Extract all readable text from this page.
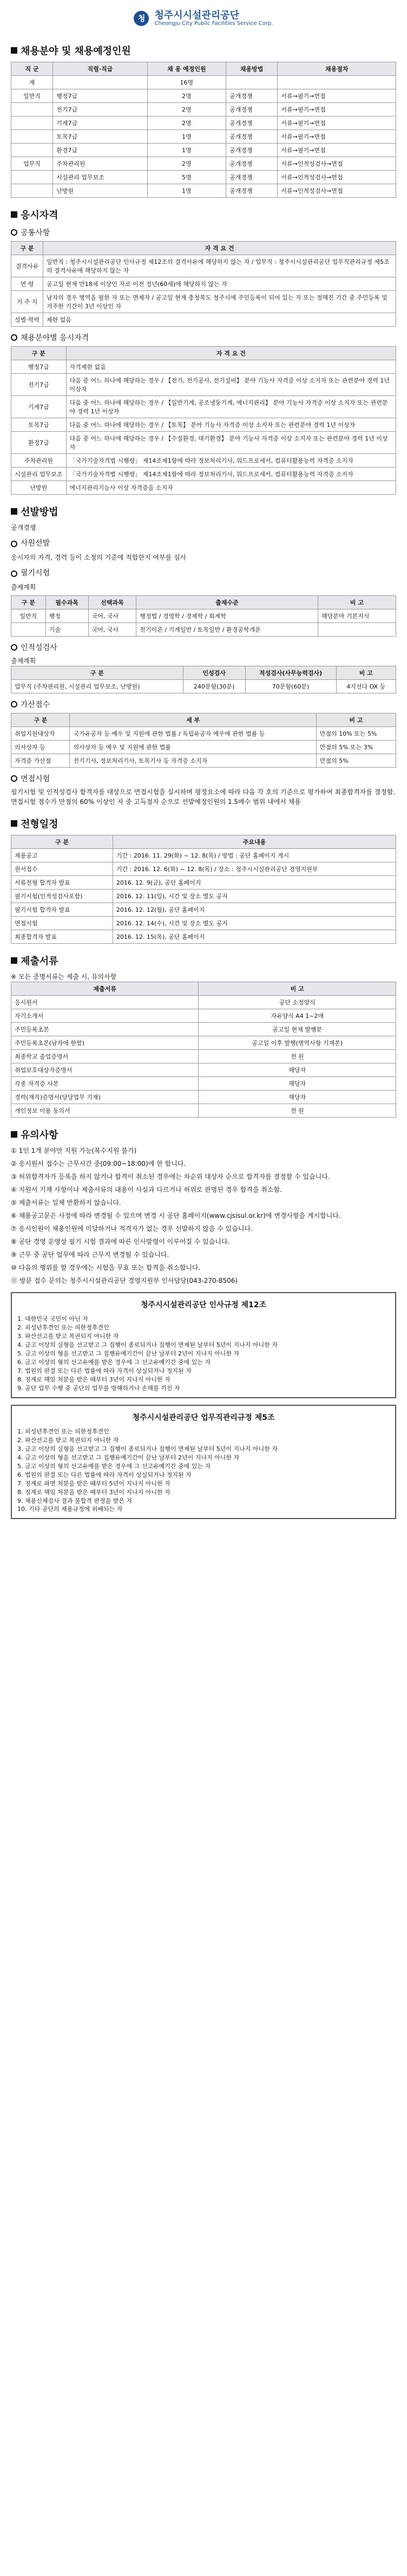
청 청주시시설관리공단
Cheongju City Public Facilities Service Corp.
채용분야 및 채용예정인원
직 군	직렬·직급	채 용 예정인원	채용방법	채용절차
계		16명		
일반직	행정7급	2명	공개경쟁	서류→필기→면접
	전기7급	2명	공개경쟁	서류→필기→면접
	기계7급	2명	공개경쟁	서류→필기→면접
	토목7급	1명	공개경쟁	서류→필기→면접
	환경7급	1명	공개경쟁	서류→필기→면접
업무직	주차관리원	2명	공개경쟁	서류→인적성검사→면접
	시설관리 업무보조	5명	공개경쟁	서류→인적성검사→면접
	난방원	1명	공개경쟁	서류→인적성검사→면접
응시자격
공통사항
구 분	자 격 요 건
결격사유	일반직 : 청주시시설관리공단 인사규정 제12조의 결격사유에 해당하지 않는 자 / 업무직 : 청주시시설관리공단 업무직관리규정 제5조의 결격사유에 해당하지 않는 자
연 령	공고일 현재 만18세 이상인 자로 이전 정년(60세)에 해당하지 않는 자
거 주 지	남자의 경우 병역을 필한 자 또는 면제자 / 공고일 현재 충청북도 청주시에 주민등록이 되어 있는 자 또는 정해진 기간 중 주민등록 및 거주한 기간이 3년 이상인 자
성별·학력	제한 없음
채용분야별 응시자격
구 분	자 격 요 건
행정7급	자격제한 없음
전기7급	다음 중 어느 하나에 해당하는 경우 / 【전기, 전기공사, 전기설비】 분야 기능사 자격증 이상 소지자 또는 관련분야 경력 1년 이상자
기계7급	다음 중 어느 하나에 해당하는 경우 / 【일반기계, 공조냉동기계, 에너지관리】 분야 기능사 자격증 이상 소지자 또는 관련분야 경력 1년 이상자
토목7급	다음 중 어느 하나에 해당하는 경우 / 【토목】 분야 기능사 자격증 이상 소지자 또는 관련분야 경력 1년 이상자
환경7급	다음 중 어느 하나에 해당하는 경우 / 【수질환경, 대기환경】 분야 기능사 자격증 이상 소지자 또는 관련분야 경력 1년 이상자
주차관리원	「국가기술자격법 시행령」 제14조제1항에 따라 정보처리기사, 워드프로세서, 컴퓨터활용능력 자격증 소지자
시설관리 업무보조	「국가기술자격법 시행령」 제14조제1항에 따라 정보처리기사, 워드프로세서, 컴퓨터활용능력 자격증 소지자
난방원	에너지관리기능사 이상 자격증을 소지자
선발방법

공개경쟁

사원선발

응시자의 자격, 경력 등이 소정의 기준에 적합한지 여부를 심사

필기시험

출제계획

구 분	필수과목	선택과목	출제수준	비 고
일반직	행정	국어, 국사	행정법 / 경영학 / 경제학 / 회계학	해당분야 기본지식
	기술	국어, 국사	전기이론 / 기계일반 / 토목일반 / 환경공학개론	
인적성검사
출제계획
구 분	인성검사	적성검사(사무능력검사)	비 고
업무직 (주차관리원, 시설관리 업무보조, 난방원)	240문항(30분)	70문항(60분)	4지선다 OX 등
가산점수
구 분	세 부	비 고
취업지원대상자	국가유공자 등 예우 및 지원에 관한 법률 / 독립유공자 예우에 관한 법률 등	만점의 10% 또는 5%
의사상자 등	의사상자 등 예우 및 지원에 관한 법률	만점의 5% 또는 3%
자격증 가산점	전기기사, 정보처리기사, 토목기사 등 자격증 소지자	만점의 5%
면접시험
필기시험 및 인적성검사 합격자를 대상으로 면접시험을 실시하며 평정요소에 따라 다음 각 호의 기준으로 평가하여 최종합격자를 결정함. 면접시험 점수가 만점의 60% 이상인 자 중 고득점자 순으로 선발예정인원의 1.5배수 범위 내에서 채용
전형일정
구 분	주요내용
채용공고	기간 : 2016. 11. 29(화) ~ 12. 8(목) / 방법 : 공단 홈페이지 게시
원서접수	기간 : 2016. 12. 6(화) ~ 12. 8(목) / 장소 : 청주시시설관리공단 경영지원부
서류전형 합격자 발표	2016. 12. 9(금), 공단 홈페이지
필기시험(인적성검사포함)	2016. 12. 11(일), 시간 및 장소 별도 공지
필기시험 합격자 발표	2016. 12. 12(월), 공단 홈페이지
면접시험	2016. 12. 14(수), 시간 및 장소 별도 공지
최종합격자 발표	2016. 12. 15(목), 공단 홈페이지
제출서류
※ 모든 증명서류는 제출 시, 유의사항
제출서류	비 고
응시원서	공단 소정양식
자기소개서	자유양식 A4 1~2매
주민등록초본	공고일 현재 발행분
주민등록초본(남자에 한함)	공고일 이후 발행(병역사항 기재본)
최종학교 졸업증명서	전 원
취업보호대상자증명서	해당자
각종 자격증 사본	해당자
경력(재직)증명서(당당업무 기재)	해당자
개인정보 이용 동의서	전 원
유의사항

① 1인 1개 분야만 지원 가능(복수지원 불가)

② 응시원서 접수는 근무시간 중(09:00~18:00)에 한 합니다.

③ 허위합격자가 등록을 하지 않거나 합격이 취소된 경우에는 차순위 대상자 순으로 합격자를 결정할 수 있습니다.

④ 지원서 기재 사항이나 제출서류의 내용이 사실과 다르거나 허위로 판명된 경우 합격을 취소함.

⑤ 제출서류는 일체 반환하지 않습니다.

⑥ 채용공고문은 사정에 따라 변경될 수 있으며 변경 시 공단 홈페이지(www.cjsisul.or.kr)에 변경사항을 게시합니다.

⑦ 응시인원이 채용인원에 미달하거나 적격자가 없는 경우 선발하지 않을 수 있습니다.

⑧ 공단 경영 운영상 필기 시험 결과에 따른 인사발령이 이루어질 수 있습니다.

⑨ 근무 중 공단 업무에 따라 근무지 변경될 수 있습니다.

⑩ 다음의 행위를 할 경우에는 시험을 무효 또는 합격을 취소합니다.

⑪ 방문 접수 문의는 청주시시설관리공단 경영지원부 인사담당(043-270-8506)

청주시시설관리공단 인사규정 제12조
1. 대한민국 국민이 아닌 자
2. 피성년후견인 또는 피한정후견인
3. 파산선고를 받고 복권되지 아니한 자
4. 금고 이상의 실형을 선고받고 그 집행이 종료되거나 집행이 면제된 날부터 5년이 지나지 아니한 자
5. 금고 이상의 형을 선고받고 그 집행유예기간이 끝난 날부터 2년이 지나지 아니한 자
6. 금고 이상의 형의 선고유예를 받은 경우에 그 선고유예기간 중에 있는 자
7. 법원의 판결 또는 다른 법률에 따라 자격이 상실되거나 정지된 자
8. 징계로 해임 처분을 받은 때부터 3년이 지나지 아니한 자
9. 공단 업무 수행 중 공단의 업무를 방해하거나 손해를 끼친 자
청주시시설관리공단 업무직관리규정 제5조
1. 피성년후견인 또는 피한정후견인
2. 파산선고를 받고 복권되지 아니한 자
3. 금고 이상의 실형을 선고받고 그 집행이 종료되거나 집행이 면제된 날부터 5년이 지나지 아니한 자
4. 금고 이상의 형을 선고받고 그 집행유예기간이 끝난 날부터 2년이 지나지 아니한 자
5. 금고 이상의 형의 선고유예를 받은 경우에 그 선고유예기간 중에 있는 자
6. 법원의 판결 또는 다른 법률에 따라 자격이 상실되거나 정지된 자
7. 징계로 파면 처분을 받은 때부터 5년이 지나지 아니한 자
8. 징계로 해임 처분을 받은 때부터 3년이 지나지 아니한 자
9. 채용신체검사 결과 불합격 판정을 받은 자
10. 기타 공단의 채용규정에 위배되는 자
